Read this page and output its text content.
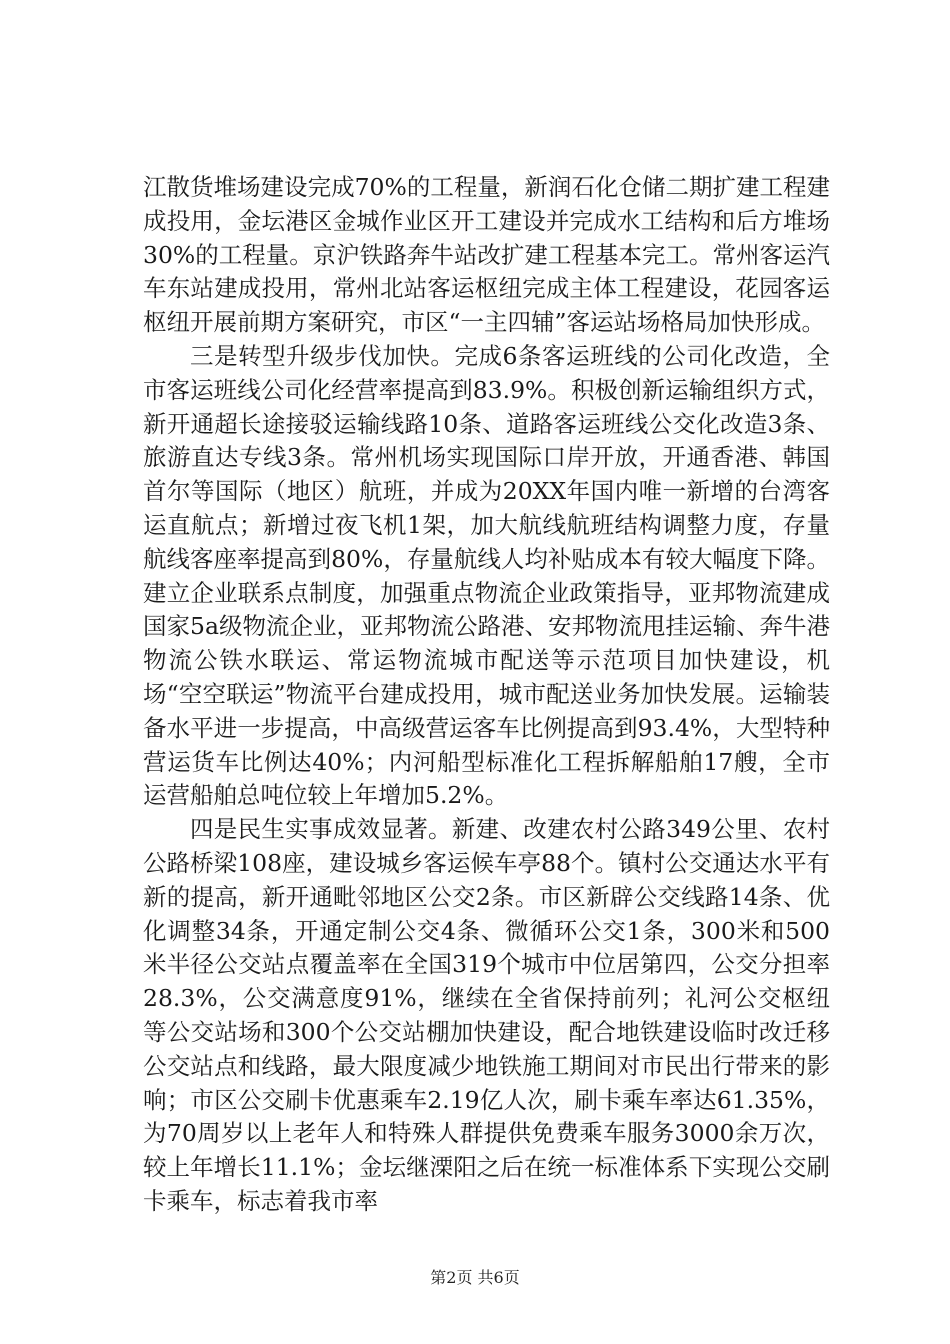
江散货堆场建设完成70%的工程量，新润石化仓储二期扩建工程建成投用，金坛港区金城作业区开工建设并完成水工结构和后方堆场30%的工程量。京沪铁路奔牛站改扩建工程基本完工。常州客运汽车东站建成投用，常州北站客运枢纽完成主体工程建设，花园客运枢纽开展前期方案研究，市区“一主四辅”客运站场格局加快形成。

三是转型升级步伐加快。完成6条客运班线的公司化改造，全市客运班线公司化经营率提高到83.9%。积极创新运输组织方式，新开通超长途接驳运输线路10条、道路客运班线公交化改造3条、旅游直达专线3条。常州机场实现国际口岸开放，开通香港、韩国首尔等国际（地区）航班，并成为20XX年国内唯一新增的台湾客运直航点；新增过夜飞机1架，加大航线航班结构调整力度，存量航线客座率提高到80%，存量航线人均补贴成本有较大幅度下降。建立企业联系点制度，加强重点物流企业政策指导，亚邦物流建成国家5a级物流企业，亚邦物流公路港、安邦物流甩挂运输、奔牛港物流公铁水联运、常运物流城市配送等示范项目加快建设，机场“空空联运”物流平台建成投用，城市配送业务加快发展。运输装备水平进一步提高，中高级营运客车比例提高到93.4%，大型特种营运货车比例达40%；内河船型标准化工程拆解船舶17艘，全市运营船舶总吨位较上年增加5.2%。

四是民生实事成效显著。新建、改建农村公路349公里、农村公路桥梁108座，建设城乡客运候车亭88个。镇村公交通达水平有新的提高，新开通毗邻地区公交2条。市区新辟公交线路14条、优化调整34条，开通定制公交4条、微循环公交1条，300米和500米半径公交站点覆盖率在全国319个城市中位居第四，公交分担率28.3%，公交满意度91%，继续在全省保持前列；礼河公交枢纽等公交站场和300个公交站棚加快建设，配合地铁建设临时改迁移公交站点和线路，最大限度减少地铁施工期间对市民出行带来的影响；市区公交刷卡优惠乘车2.19亿人次，刷卡乘车率达61.35%，为70周岁以上老年人和特殊人群提供免费乘车服务3000余万次，较上年增长11.1%；金坛继溧阳之后在统一标准体系下实现公交刷卡乘车，标志着我市率

第2页 共6页
